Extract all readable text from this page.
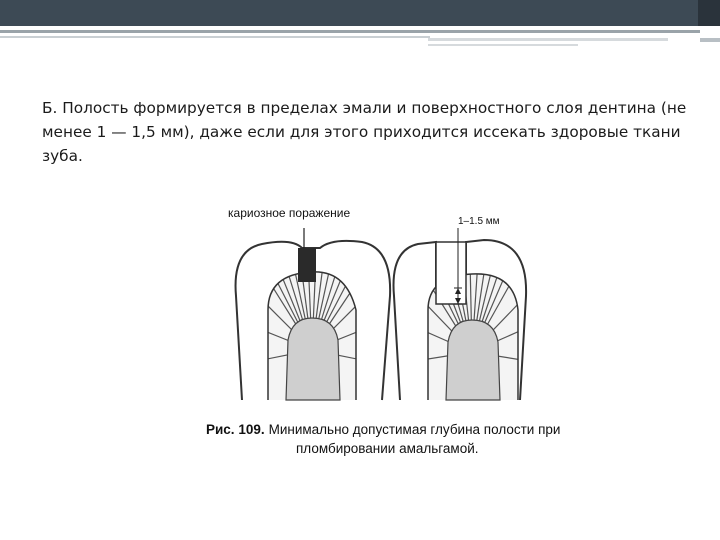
Б. Полость формируется в пределах эмали и поверхностного слоя дентина (не менее 1 — 1,5 мм), даже если для этого приходится иссекать здоровые ткани зуба.

кариозное поражение
1–1.5 мм
Рис. 109. Минимально допустимая глубина полости при
пломбировании амальгамой.
